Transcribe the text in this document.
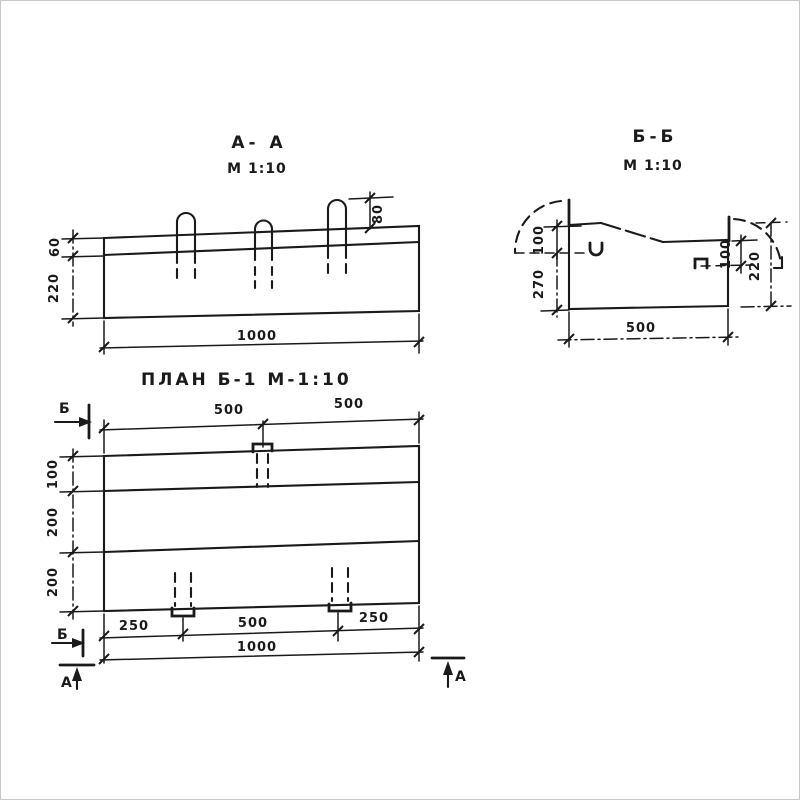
А- А
М 1:10
80
60
220
1000
Б-Б
М 1:10
100
270
100 220
500
ПЛАН Б-1 М-1:10
500	500
100
200
200
250	500	250
1000
Б
Б
А	А
